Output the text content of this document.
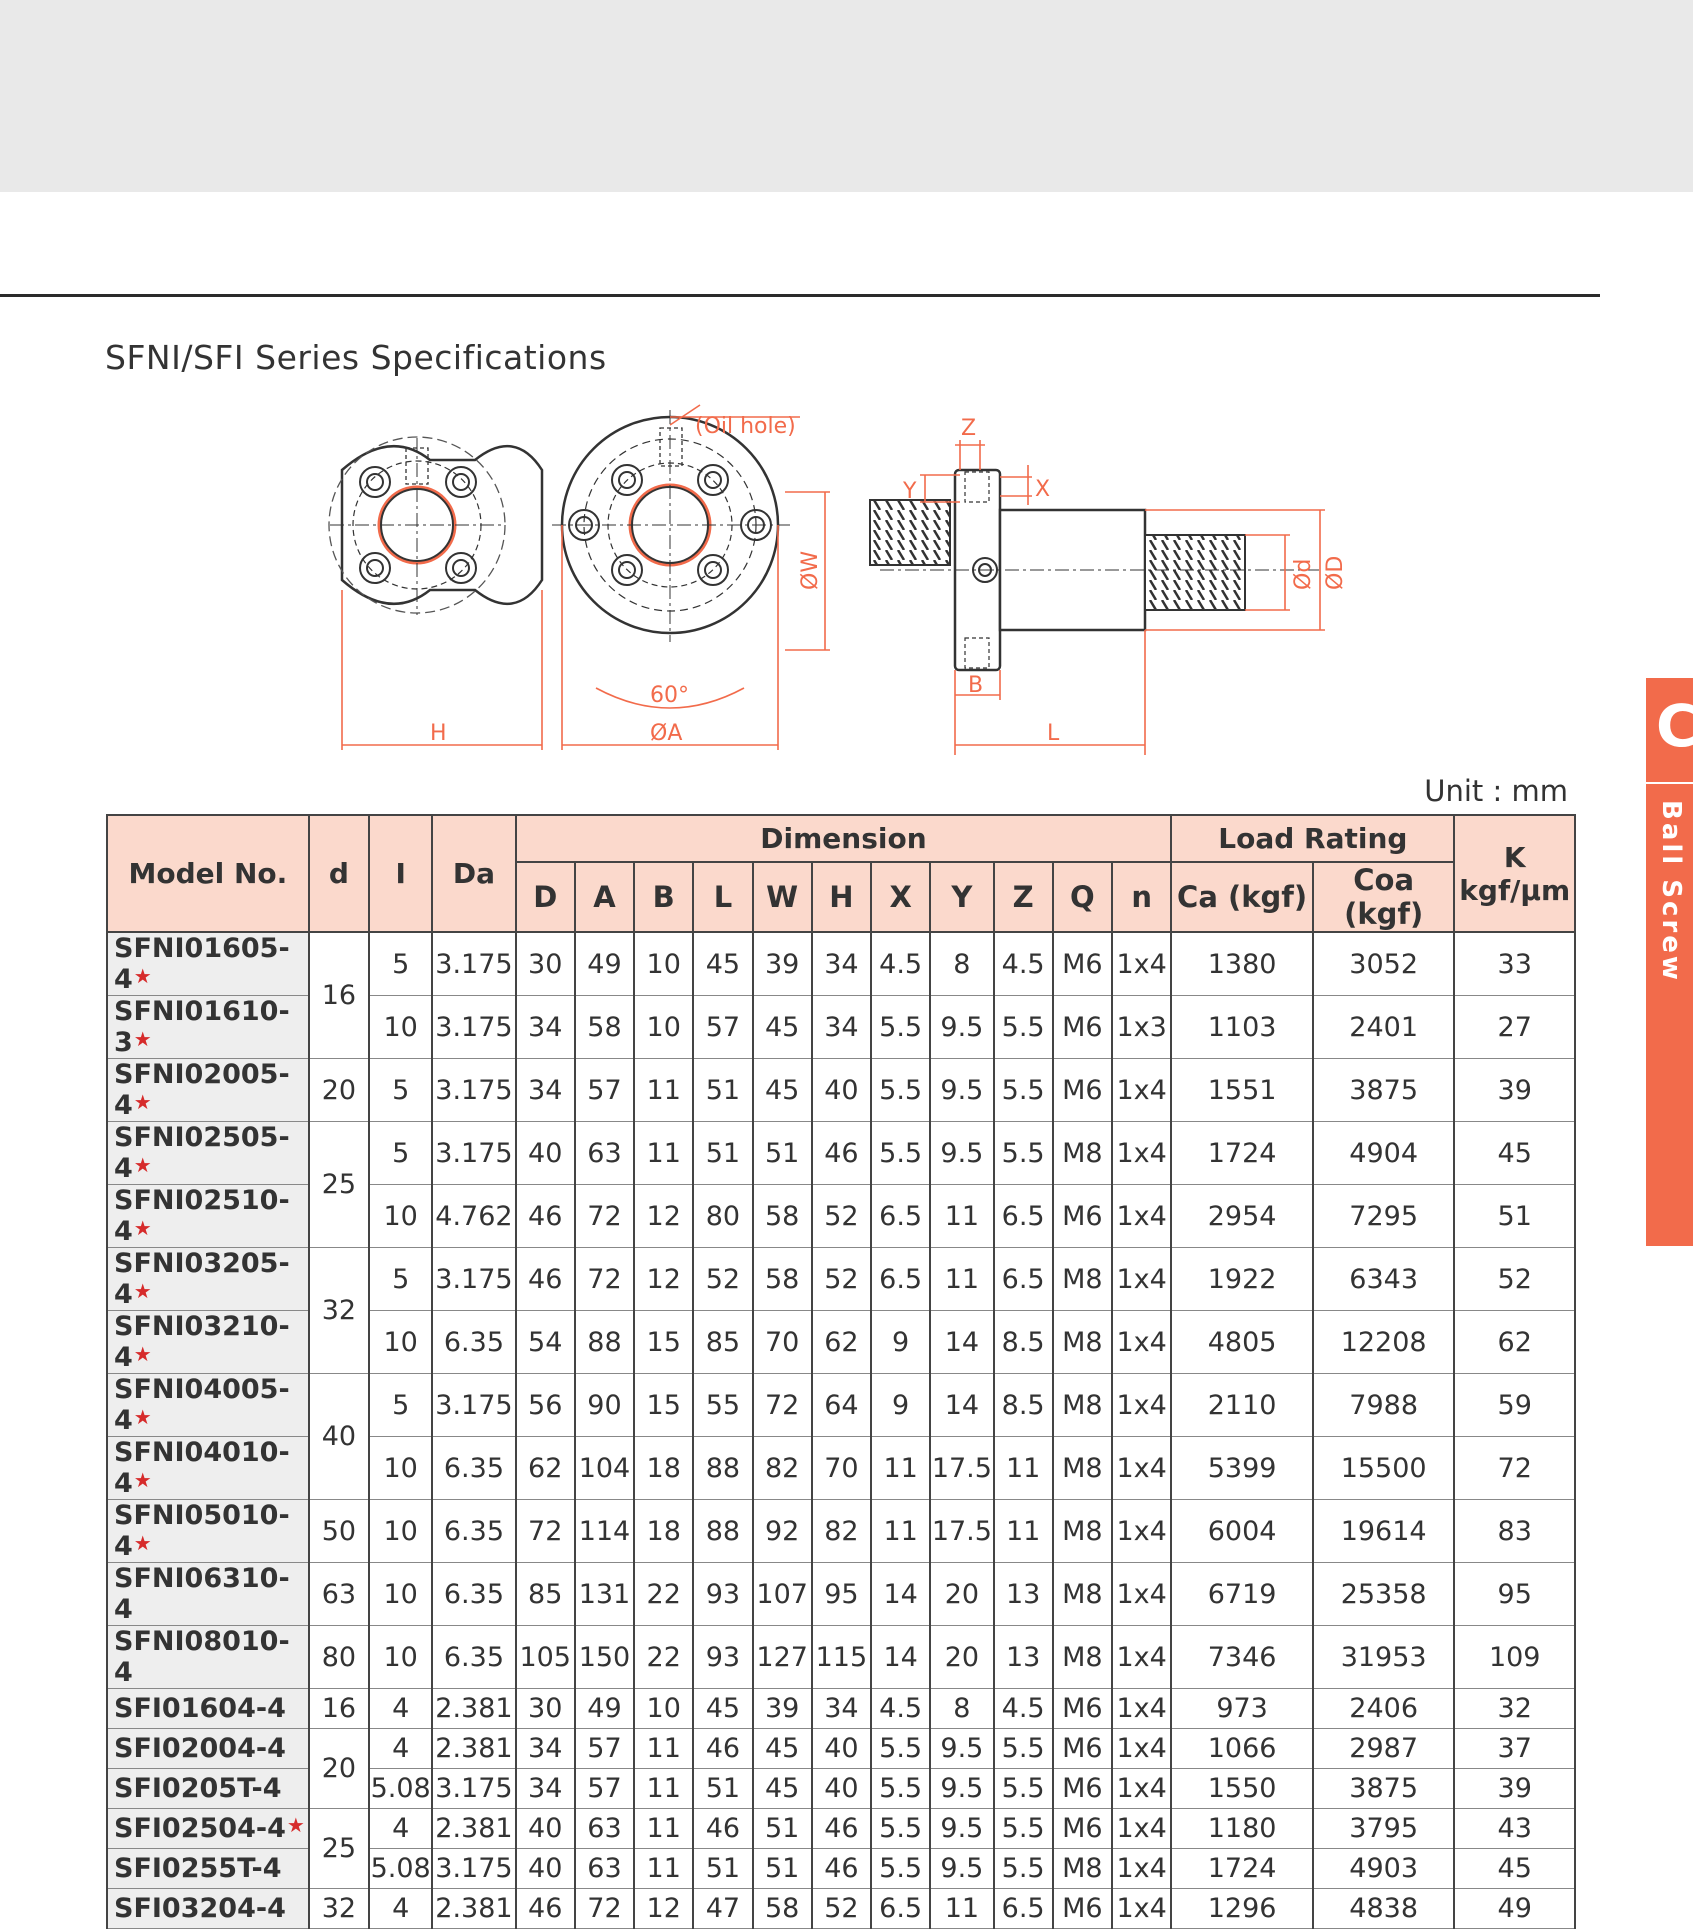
SFNI/SFI Series Specifications
C
Ball Screw
(Oil hole)
60°
H	ØA	L
B
Z
Y	X
ØW	Ød ØD
Unit : mm
Model No.	d	I	Da	Dimension											Load Rating		K
kgf/μm

				D	A	B	L	W	H	X	Y	Z	Q	n	Ca (kgf)	Coa (kgf)	
SFNI01605-4★	16	5	3.175	30	49	10	45	39	34	4.5	8	4.5	M6	1x4	1380	3052	33
SFNI01610-3★		10	3.175	34	58	10	57	45	34	5.5	9.5	5.5	M6	1x3	1103	2401	27
SFNI02005-4★	20	5	3.175	34	57	11	51	45	40	5.5	9.5	5.5	M6	1x4	1551	3875	39
SFNI02505-4★	25	5	3.175	40	63	11	51	51	46	5.5	9.5	5.5	M8	1x4	1724	4904	45
SFNI02510-4★		10	4.762	46	72	12	80	58	52	6.5	11	6.5	M6	1x4	2954	7295	51
SFNI03205-4★	32	5	3.175	46	72	12	52	58	52	6.5	11	6.5	M8	1x4	1922	6343	52
SFNI03210-4★		10	6.35	54	88	15	85	70	62	9	14	8.5	M8	1x4	4805	12208	62
SFNI04005-4★	40	5	3.175	56	90	15	55	72	64	9	14	8.5	M8	1x4	2110	7988	59
SFNI04010-4★		10	6.35	62	104	18	88	82	70	11	17.5	11	M8	1x4	5399	15500	72
SFNI05010-4★	50	10	6.35	72	114	18	88	92	82	11	17.5	11	M8	1x4	6004	19614	83
SFNI06310-4	63	10	6.35	85	131	22	93	107	95	14	20	13	M8	1x4	6719	25358	95
SFNI08010-4	80	10	6.35	105	150	22	93	127	115	14	20	13	M8	1x4	7346	31953	109
SFI01604-4	16	4	2.381	30	49	10	45	39	34	4.5	8	4.5	M6	1x4	973	2406	32
SFI02004-4	20	4	2.381	34	57	11	46	45	40	5.5	9.5	5.5	M6	1x4	1066	2987	37
SFI0205T-4		5.08	3.175	34	57	11	51	45	40	5.5	9.5	5.5	M6	1x4	1550	3875	39
SFI02504-4★	25	4	2.381	40	63	11	46	51	46	5.5	9.5	5.5	M6	1x4	1180	3795	43
SFI0255T-4		5.08	3.175	40	63	11	51	51	46	5.5	9.5	5.5	M8	1x4	1724	4903	45
SFI03204-4	32	4	2.381	46	72	12	47	58	52	6.5	11	6.5	M6	1x4	1296	4838	49
